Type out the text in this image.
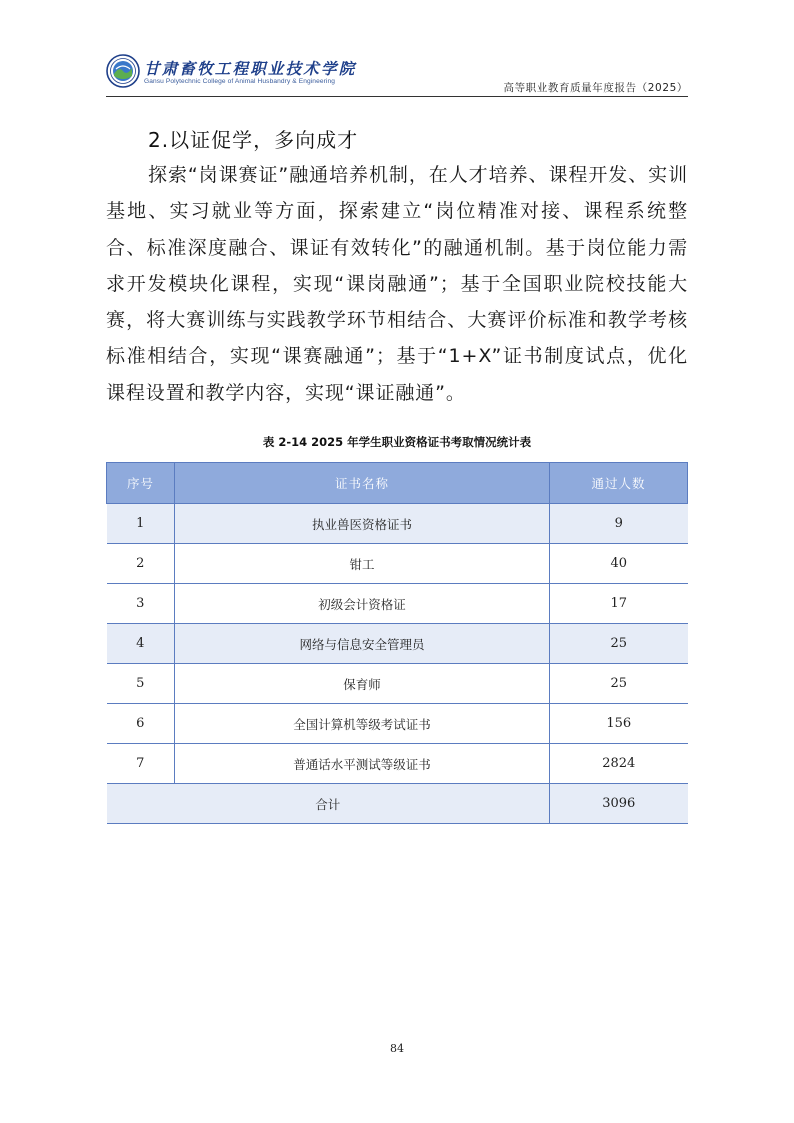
甘肃畜牧工程职业技术学院
Gansu Polytechnic College of Animal Husbandry & Engineering
高等职业教育质量年度报告（2025）
2.以证促学，多向成才

探索“岗课赛证”融通培养机制，在人才培养、课程开发、实训基地、实习就业等方面，探索建立“岗位精准对接、课程系统整合、标准深度融合、课证有效转化”的融通机制。基于岗位能力需求开发模块化课程，实现“课岗融通”；基于全国职业院校技能大赛，将大赛训练与实践教学环节相结合、大赛评价标准和教学考核标准相结合，实现“课赛融通”；基于“1+X”证书制度试点，优化课程设置和教学内容，实现“课证融通”。

表 2-14 2025 年学生职业资格证书考取情况统计表
序号	证书名称	通过人数
1	执业兽医资格证书	9
2	钳工	40
3	初级会计资格证	17
4	网络与信息安全管理员	25
5	保育师	25
6	全国计算机等级考试证书	156
7	普通话水平测试等级证书	2824
合计		3096
84
